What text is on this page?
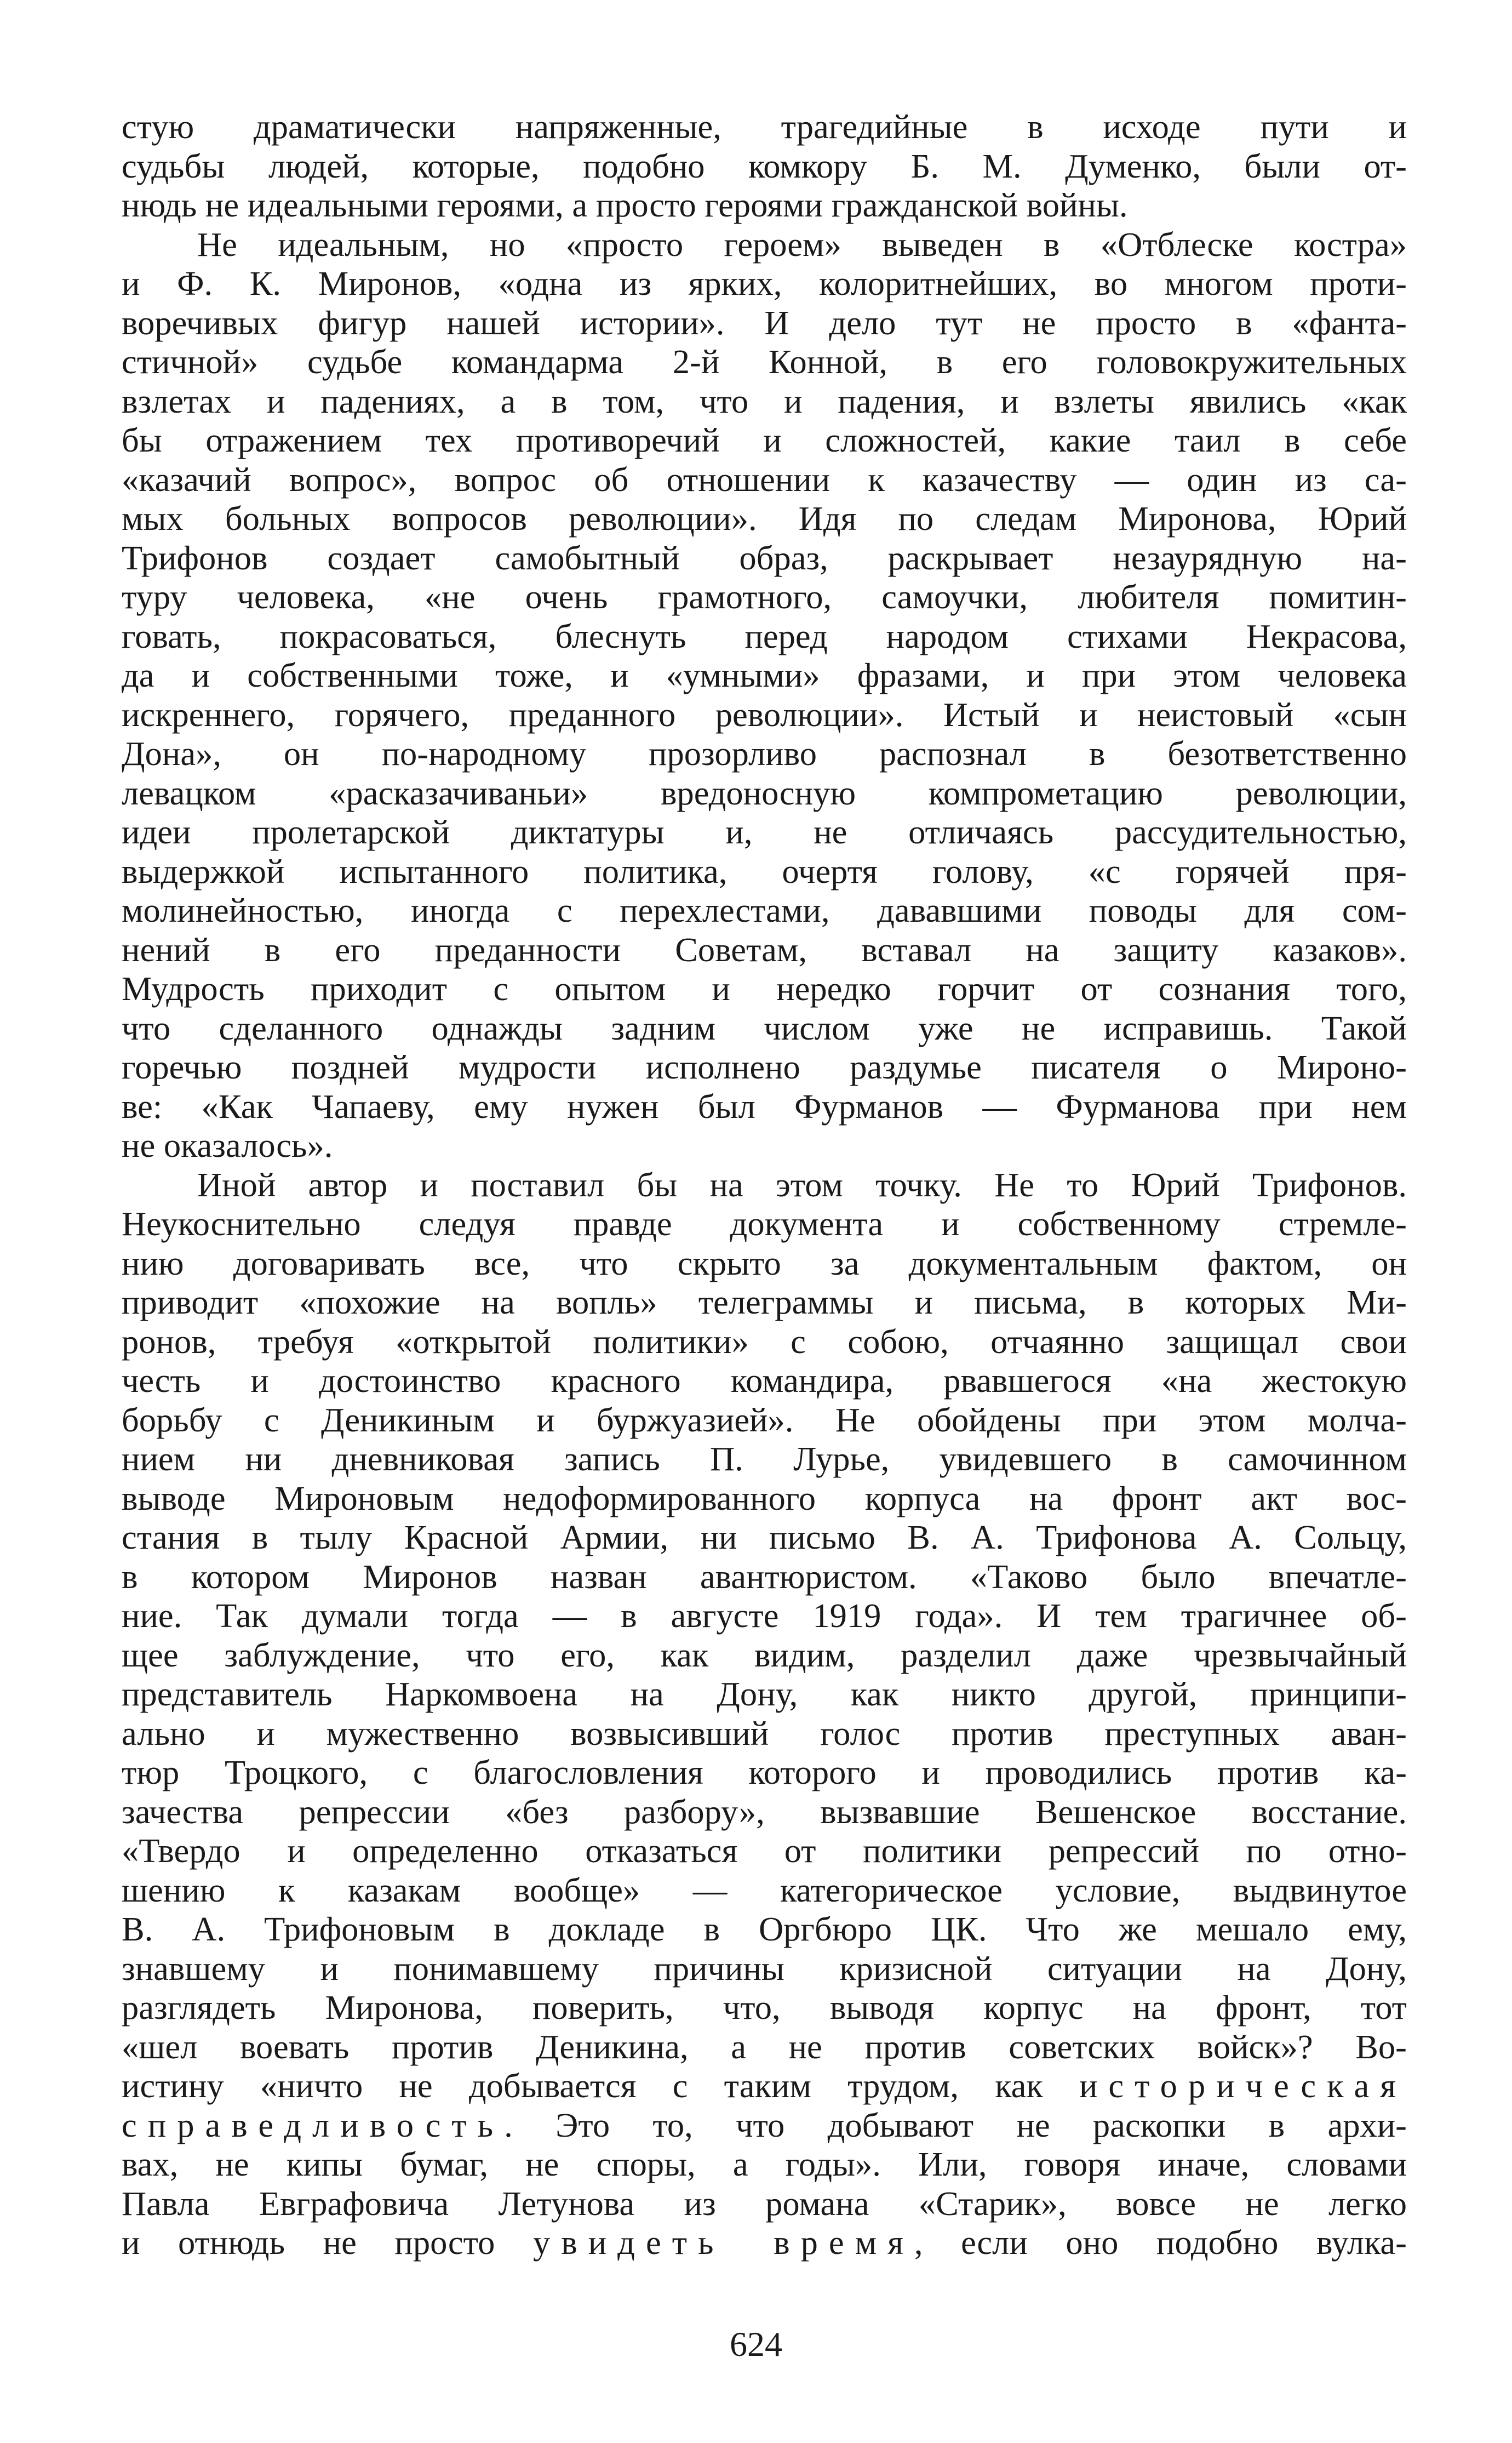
стую драматически напряженные, трагедийные в исходе пути и
судьбы людей, которые, подобно комкору Б. М. Думенко, были от-
нюдь не идеальными героями, а просто героями гражданской войны.

Не идеальным, но «просто героем» выведен в «Отблеске костра»
и Ф. К. Миронов, «одна из ярких, колоритнейших, во многом проти-
воречивых фигур нашей истории». И дело тут не просто в «фанта-
стичной» судьбе командарма 2-й Конной, в его головокружительных
взлетах и падениях, а в том, что и падения, и взлеты явились «как
бы отражением тех противоречий и сложностей, какие таил в себе
«казачий вопрос», вопрос об отношении к казачеству — один из са-
мых больных вопросов революции». Идя по следам Миронова, Юрий
Трифонов создает самобытный образ, раскрывает незаурядную на-
туру человека, «не очень грамотного, самоучки, любителя помитин-
говать, покрасоваться, блеснуть перед народом стихами Некрасова,
да и собственными тоже, и «умными» фразами, и при этом человека
искреннего, горячего, преданного революции». Истый и неистовый «сын
Дона», он по-народному прозорливо распознал в безответственно
левацком «расказачиваньи» вредоносную компрометацию революции,
идеи пролетарской диктатуры и, не отличаясь рассудительностью,
выдержкой испытанного политика, очертя голову, «с горячей пря-
молинейностью, иногда с перехлестами, дававшими поводы для сом-
нений в его преданности Советам, вставал на защиту казаков».
Мудрость приходит с опытом и нередко горчит от сознания того,
что сделанного однажды задним числом уже не исправишь. Такой
горечью поздней мудрости исполнено раздумье писателя о Мироно-
ве: «Как Чапаеву, ему нужен был Фурманов — Фурманова при нем
не оказалось».

Иной автор и поставил бы на этом точку. Не то Юрий Трифонов.
Неукоснительно следуя правде документа и собственному стремле-
нию договаривать все, что скрыто за документальным фактом, он
приводит «похожие на вопль» телеграммы и письма, в которых Ми-
ронов, требуя «открытой политики» с собою, отчаянно защищал свои
честь и достоинство красного командира, рвавшегося «на жестокую
борьбу с Деникиным и буржуазией». Не обойдены при этом молча-
нием ни дневниковая запись П. Лурье, увидевшего в самочинном
выводе Мироновым недоформированного корпуса на фронт акт вос-
стания в тылу Красной Армии, ни письмо В. А. Трифонова А. Сольцу,
в котором Миронов назван авантюристом. «Таково было впечатле-
ние. Так думали тогда — в августе 1919 года». И тем трагичнее об-
щее заблуждение, что его, как видим, разделил даже чрезвычайный
представитель Наркомвоена на Дону, как никто другой, принципи-
ально и мужественно возвысивший голос против преступных аван-
тюр Троцкого, с благословления которого и проводились против ка-
зачества репрессии «без разбору», вызвавшие Вешенское восстание.
«Твердо и определенно отказаться от политики репрессий по отно-
шению к казакам вообще» — категорическое условие, выдвинутое
В. А. Трифоновым в докладе в Оргбюро ЦК. Что же мешало ему,
знавшему и понимавшему причины кризисной ситуации на Дону,
разглядеть Миронова, поверить, что, выводя корпус на фронт, тот
«шел воевать против Деникина, а не против советских войск»? Во-
истину «ничто не добывается с таким трудом, как историческая
справедливость. Это то, что добывают не раскопки в архи-
вах, не кипы бумаг, не споры, а годы». Или, говоря иначе, словами
Павла Евграфовича Летунова из романа «Старик», вовсе не легко
и отнюдь не просто увидеть время, если оно подобно вулка-

624
